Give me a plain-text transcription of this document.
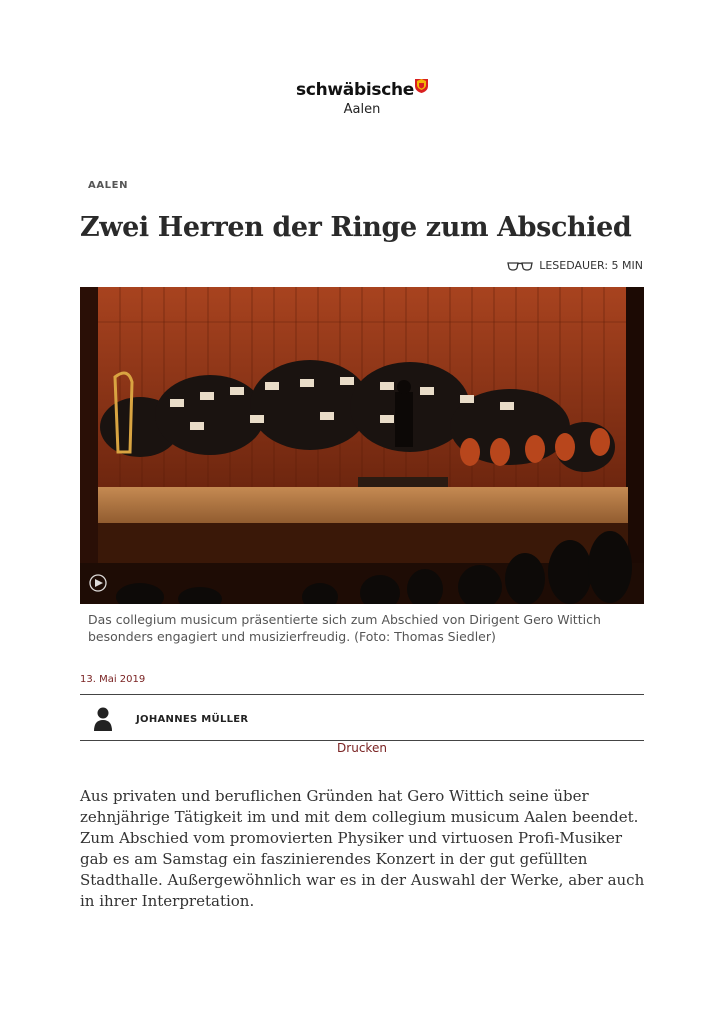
schwäbische
Aalen
AALEN
Zwei Herren der Ringe zum Abschied
LESEDAUER: 5 MIN

Das collegium musicum präsentierte sich zum Abschied von Dirigent Gero Wittich besonders engagiert und musizierfreudig. (Foto: Thomas Siedler)

13. Mai 2019
JOHANNES MÜLLER
Drucken

Aus privaten und beruflichen Gründen hat Gero Wittich seine über zehnjährige Tätigkeit im und mit dem collegium musicum Aalen beendet. Zum Abschied vom promovierten Physiker und virtuosen Profi-Musiker gab es am Samstag ein faszinierendes Konzert in der gut gefüllten Stadthalle. Außergewöhnlich war es in der Auswahl der Werke, aber auch in ihrer Interpretation.
